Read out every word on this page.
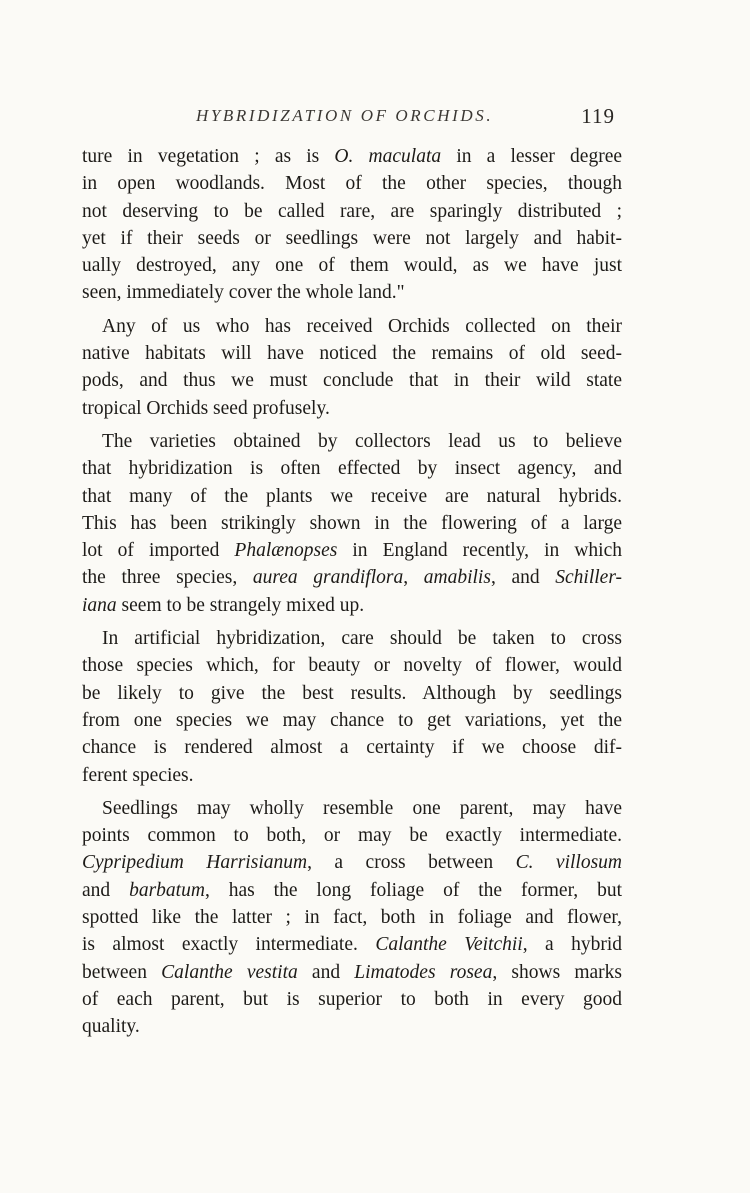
HYBRIDIZATION OF ORCHIDS.	119
ture in vegetation ; as is O. maculata in a lesser degree
in open woodlands. Most of the other species, though
not deserving to be called rare, are sparingly distributed ;
yet if their seeds or seedlings were not largely and habit-
ually destroyed, any one of them would, as we have just
seen, immediately cover the whole land."
Any of us who has received Orchids collected on their
native habitats will have noticed the remains of old seed-
pods, and thus we must conclude that in their wild state
tropical Orchids seed profusely.
The varieties obtained by collectors lead us to believe
that hybridization is often effected by insect agency, and
that many of the plants we receive are natural hybrids.
This has been strikingly shown in the flowering of a large
lot of imported Phalænopses in England recently, in which
the three species, aurea grandiflora, amabilis, and Schiller-
iana seem to be strangely mixed up.
In artificial hybridization, care should be taken to cross
those species which, for beauty or novelty of flower, would
be likely to give the best results. Although by seedlings
from one species we may chance to get variations, yet the
chance is rendered almost a certainty if we choose dif-
ferent species.
Seedlings may wholly resemble one parent, may have
points common to both, or may be exactly intermediate.
Cypripedium Harrisianum, a cross between C. villosum
and barbatum, has the long foliage of the former, but
spotted like the latter ; in fact, both in foliage and flower,
is almost exactly intermediate. Calanthe Veitchii, a hybrid
between Calanthe vestita and Limatodes rosea, shows marks
of each parent, but is superior to both in every good
quality.
